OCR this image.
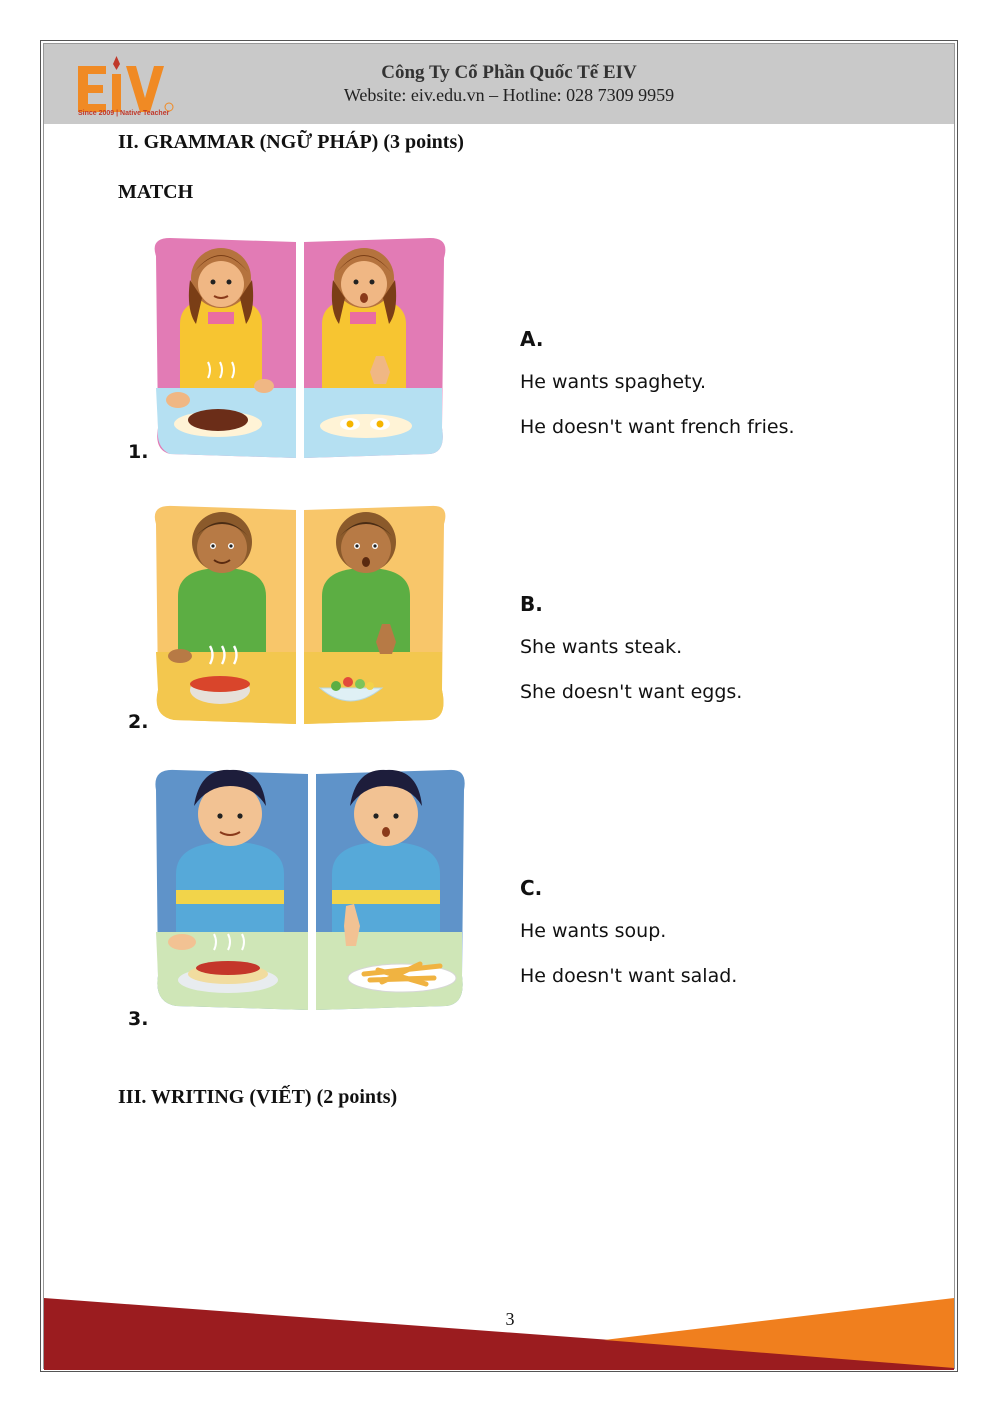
Since 2009 | Native Teacher
Công Ty Cổ Phần Quốc Tế EIV
Website: eiv.edu.vn – Hotline: 028 7309 9959
II. GRAMMAR (NGỮ PHÁP) (3 points)
MATCH
1.
2.
3.
A.
He wants spaghety.
He doesn't want french fries.
B.
She wants steak.
She doesn't want eggs.
C.
He wants soup.
He doesn't want salad.
III. WRITING (VIẾT) (2 points)
3
